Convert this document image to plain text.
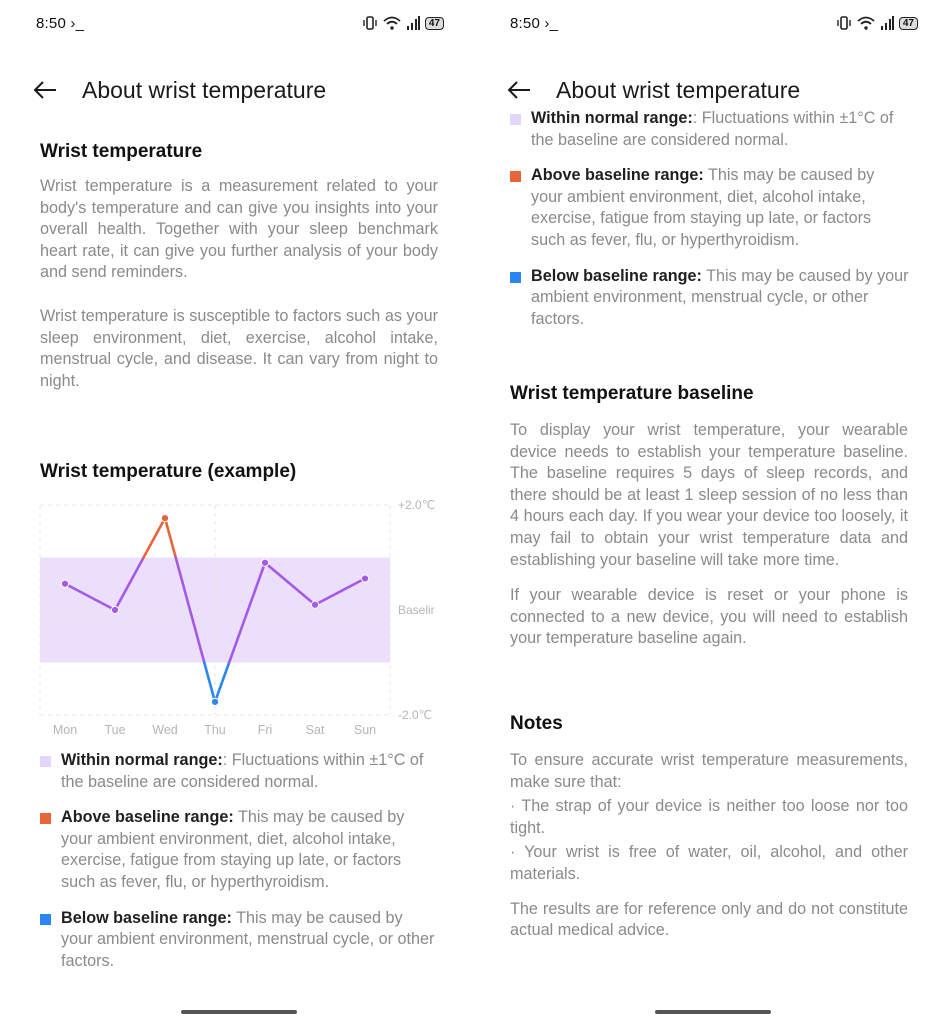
8:50 ›_	47
About wrist temperature
Wrist temperature

Wrist temperature is a measurement related to your body's temperature and can give you insights into your overall health. Together with your sleep benchmark heart rate, it can give you further analysis of your body and send reminders.

Wrist temperature is susceptible to factors such as your sleep environment, diet, exercise, alcohol intake, menstrual cycle, and disease. It can vary from night to night.

Wrist temperature (example)
+2.0℃
Baselir
-2.0℃
Mon Tue Wed Thu	Fri	Sat Sun
Within normal range:: Fluctuations within ±1°C of the baseline are considered normal.
Above baseline range: This may be caused by your ambient environment, diet, alcohol intake, exercise, fatigue from staying up late, or factors such as fever, flu, or hyperthyroidism.
Below baseline range: This may be caused by your ambient environment, menstrual cycle, or other factors.
8:50 ›_	47
About wrist temperature
Within normal range:: Fluctuations within ±1°C of the baseline are considered normal.
Above baseline range: This may be caused by your ambient environment, diet, alcohol intake, exercise, fatigue from staying up late, or factors such as fever, flu, or hyperthyroidism.
Below baseline range: This may be caused by your ambient environment, menstrual cycle, or other factors.
Wrist temperature baseline

To display your wrist temperature, your wearable device needs to establish your temperature baseline. The baseline requires 5 days of sleep records, and there should be at least 1 sleep session of no less than 4 hours each day. If you wear your device too loosely, it may fail to obtain your wrist temperature data and establishing your baseline will take more time.

If your wearable device is reset or your phone is connected to a new device, you will need to establish your temperature baseline again.

Notes

To ensure accurate wrist temperature measurements, make sure that:

· The strap of your device is neither too loose nor too tight.

· Your wrist is free of water, oil, alcohol, and other materials.

The results are for reference only and do not constitute actual medical advice.
